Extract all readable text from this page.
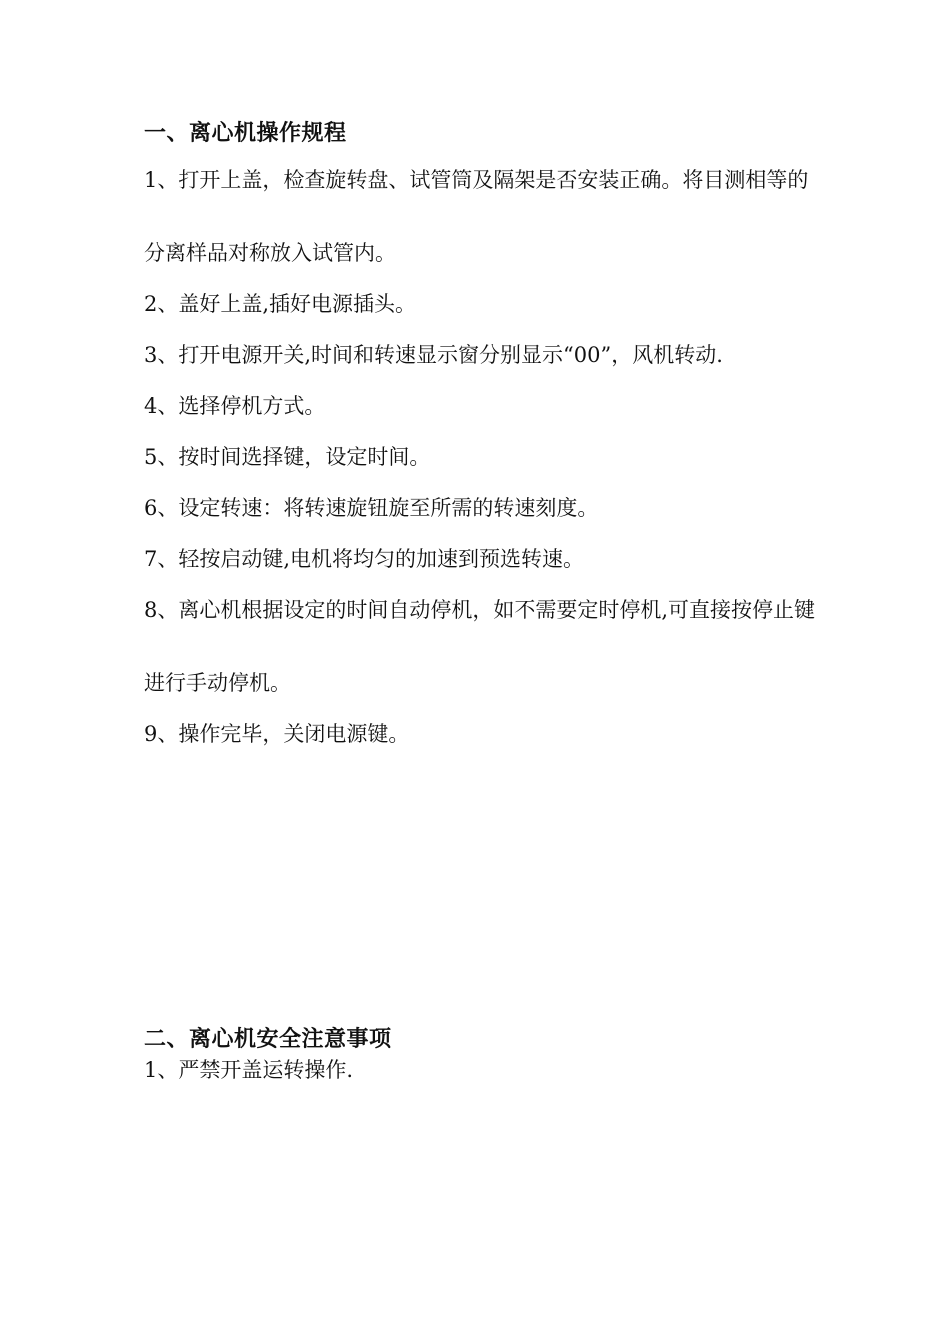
一、离心机操作规程

1、打开上盖，检查旋转盘、试管筒及隔架是否安装正确。将目测相等的分离样品对称放入试管内。

2、盖好上盖,插好电源插头。

3、打开电源开关,时间和转速显示窗分别显示“00”，风机转动.

4、选择停机方式。

5、按时间选择键，设定时间。

6、设定转速：将转速旋钮旋至所需的转速刻度。

7、轻按启动键,电机将均匀的加速到预选转速。

8、离心机根据设定的时间自动停机，如不需要定时停机,可直接按停止键进行手动停机。

9、操作完毕，关闭电源键。

二、离心机安全注意事项

1、严禁开盖运转操作.
